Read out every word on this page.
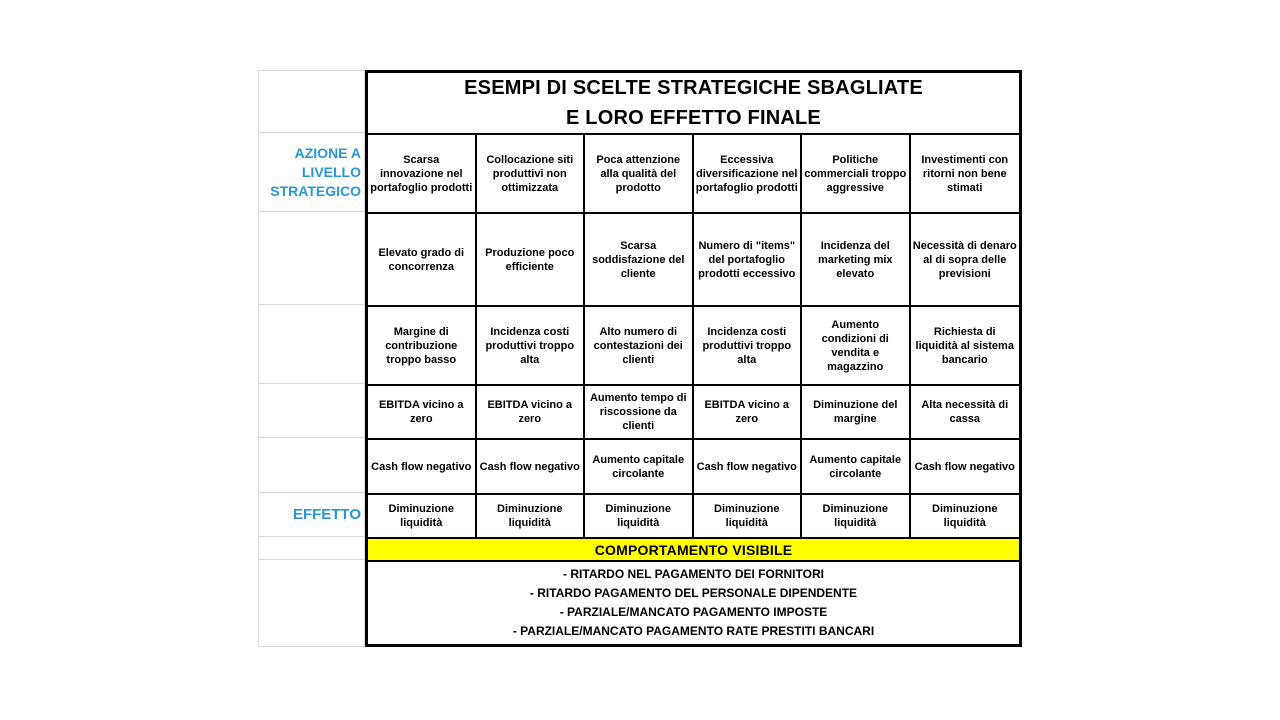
AZIONE A LIVELLO STRATEGICO
EFFETTO
ESEMPI DI SCELTE STRATEGICHE SBAGLIATE
E LORO EFFETTO FINALE
Scarsa innovazione nel portafoglio prodotti
Collocazione siti produttivi non ottimizzata
Poca attenzione alla qualità del prodotto
Eccessiva diversificazione nel portafoglio prodotti
Politiche commerciali troppo aggressive
Investimenti con ritorni non bene stimati
Elevato grado di concorrenza
Produzione poco efficiente
Scarsa soddisfazione del cliente
Numero di "items" del portafoglio prodotti eccessivo
Incidenza del marketing mix elevato
Necessità di denaro al di sopra delle previsioni
Margine di contribuzione troppo basso
Incidenza costi produttivi troppo alta
Alto numero di contestazioni dei clienti
Incidenza costi produttivi troppo alta
Aumento condizioni di vendita e magazzino
Richiesta di liquidità al sistema bancario
EBITDA vicino a zero
EBITDA vicino a zero
Aumento tempo di riscossione da clienti
EBITDA vicino a zero
Diminuzione del margine
Alta necessità di cassa
Cash flow negativo Cash flow negativo
Aumento capitale circolante
Cash flow negativo
Aumento capitale circolante
Cash flow negativo
Diminuzione liquidità
Diminuzione liquidità
Diminuzione liquidità
Diminuzione liquidità
Diminuzione liquidità
Diminuzione liquidità
COMPORTAMENTO VISIBILE
- RITARDO NEL PAGAMENTO DEI FORNITORI
- RITARDO PAGAMENTO DEL PERSONALE DIPENDENTE
- PARZIALE/MANCATO PAGAMENTO IMPOSTE
- PARZIALE/MANCATO PAGAMENTO RATE PRESTITI BANCARI
